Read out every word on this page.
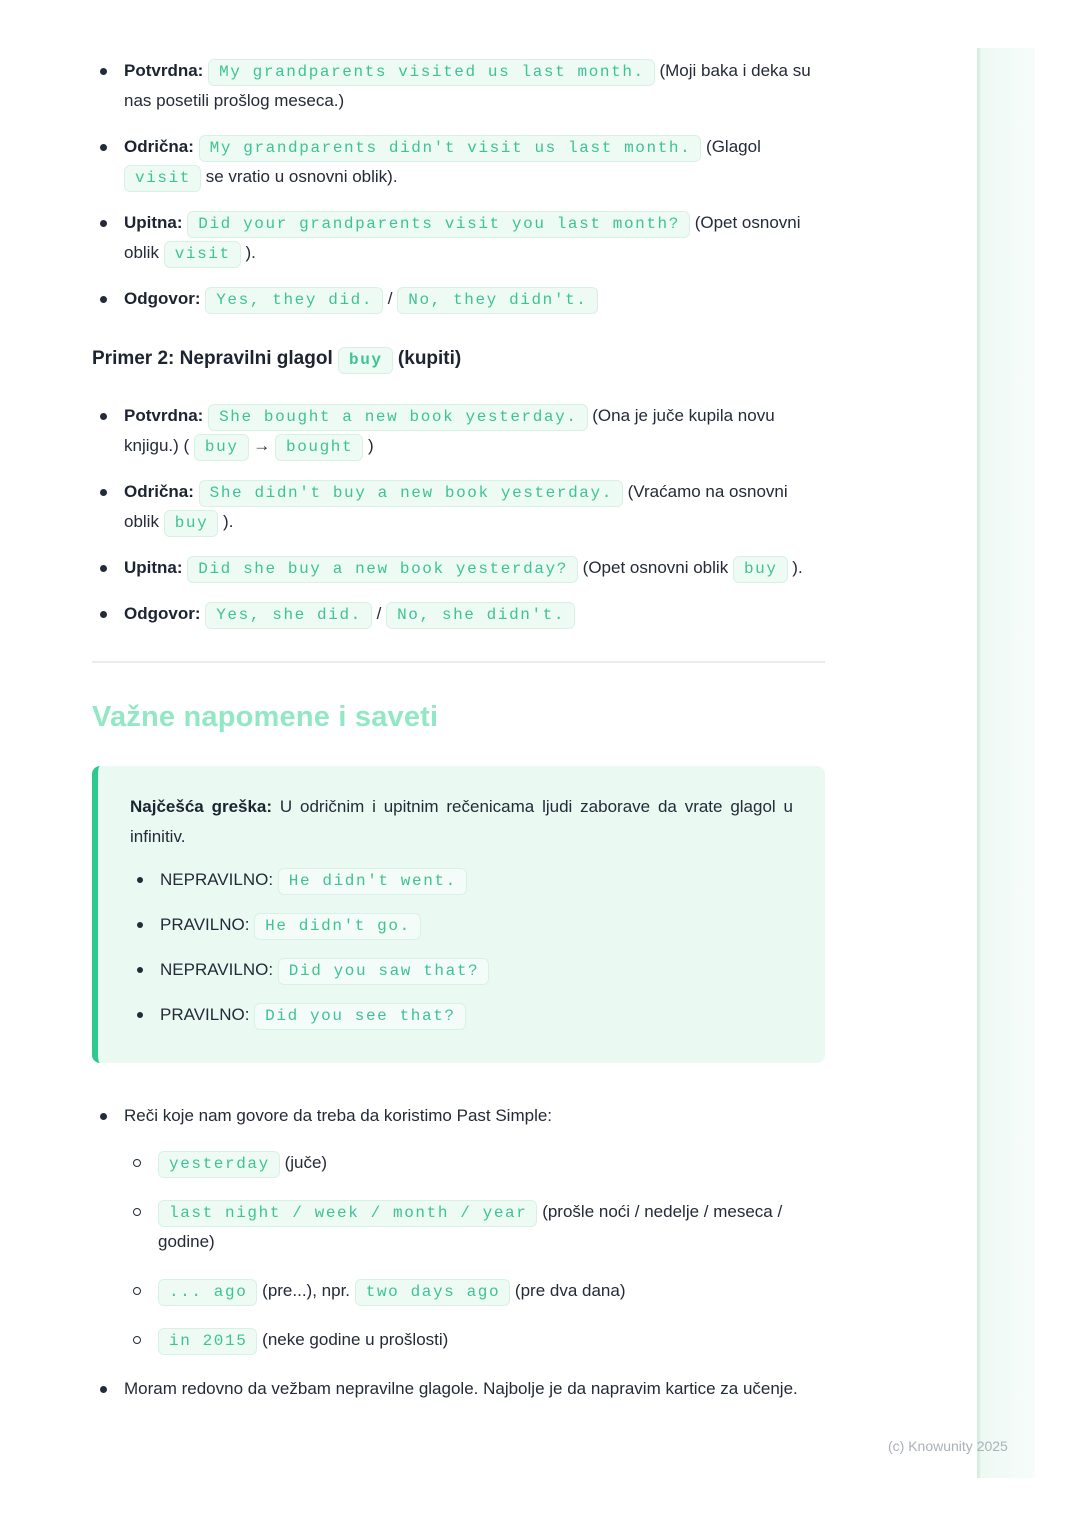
Potvrdna: My grandparents visited us last month. (Moji baka i deka su nas posetili prošlog meseca.)
Odrična: My grandparents didn't visit us last month. (Glagol visit se vratio u osnovni oblik).
Upitna: Did your grandparents visit you last month? (Opet osnovni oblik visit ).
Odgovor: Yes, they did. / No, they didn't.
Primer 2: Nepravilni glagol buy (kupiti)
Potvrdna: She bought a new book yesterday. (Ona je juče kupila novu knjigu.) ( buy → bought )
Odrična: She didn't buy a new book yesterday. (Vraćamo na osnovni oblik buy ).
Upitna: Did she buy a new book yesterday? (Opet osnovni oblik buy ).
Odgovor: Yes, she did. / No, she didn't.
Važne napomene i saveti

Najčešća greška: U odričnim i upitnim rečenicama ljudi zaborave da vrate glagol u infinitiv.

NEPRAVILNO: He didn't went.
PRAVILNO: He didn't go.
NEPRAVILNO: Did you saw that?
PRAVILNO: Did you see that?
Reči koje nam govore da treba da koristimo Past Simple:
yesterday (juče)
last night / week / month / year (prošle noći / nedelje / meseca / godine)
... ago (pre...), npr. two days ago (pre dva dana)
in 2015 (neke godine u prošlosti)
Moram redovno da vežbam nepravilne glagole. Najbolje je da napravim kartice za učenje.
(c) Knowunity 2025
